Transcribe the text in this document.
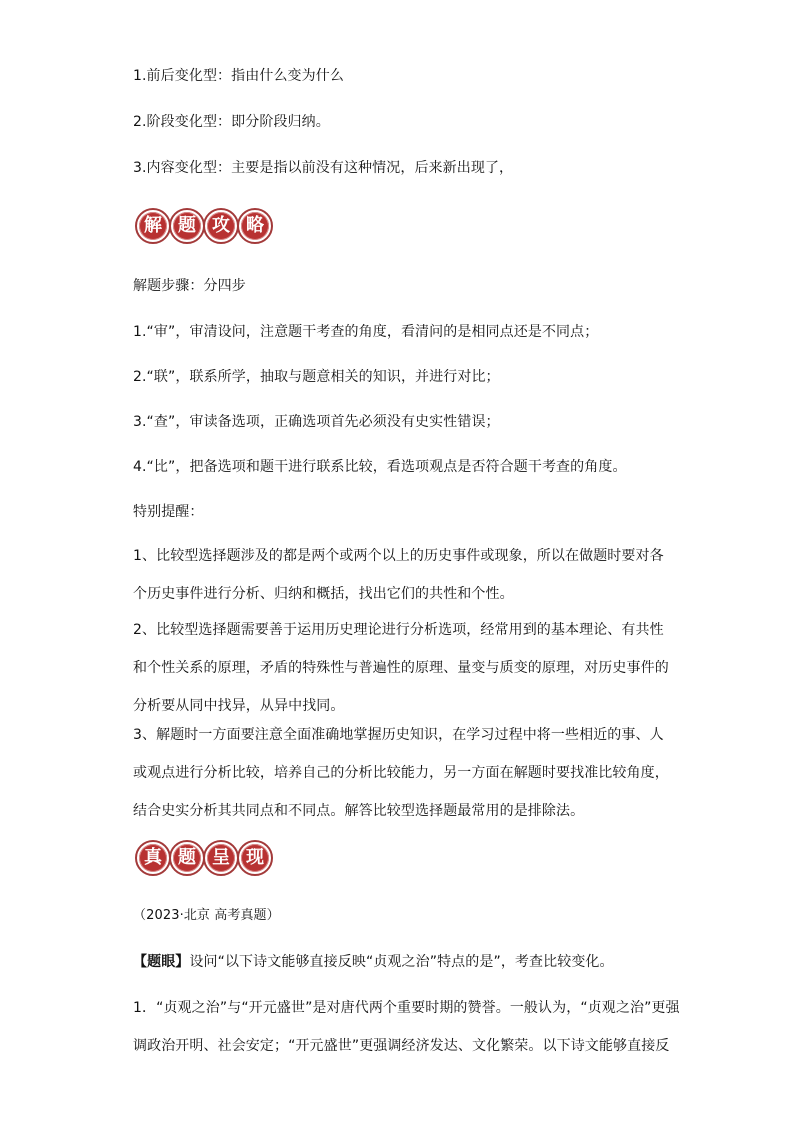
1.前后变化型：指由什么变为什么
2.阶段变化型：即分阶段归纳。
3.内容变化型：主要是指以前没有这种情况，后来新出现了，
解 题 攻 略
解题步骤：分四步
1.“审”，审清设问，注意题干考查的角度，看清问的是相同点还是不同点；
2.“联”，联系所学，抽取与题意相关的知识，并进行对比；
3.“查”，审读备选项，正确选项首先必须没有史实性错误；
4.“比”，把备选项和题干进行联系比较，看选项观点是否符合题干考查的角度。
特别提醒：
1、比较型选择题涉及的都是两个或两个以上的历史事件或现象，所以在做题时要对各
个历史事件进行分析、归纳和概括，找出它们的共性和个性。
2、比较型选择题需要善于运用历史理论进行分析选项，经常用到的基本理论、有共性
和个性关系的原理，矛盾的特殊性与普遍性的原理、量变与质变的原理，对历史事件的
分析要从同中找异，从异中找同。
3、解题时一方面要注意全面准确地掌握历史知识，在学习过程中将一些相近的事、人
或观点进行分析比较，培养自己的分析比较能力，另一方面在解题时要找准比较角度，
结合史实分析其共同点和不同点。解答比较型选择题最常用的是排除法。
真 题 呈 现
（2023·北京 高考真题）
【题眼】设问“以下诗文能够直接反映“贞观之治”特点的是”，考查比较变化。
1．“贞观之治”与“开元盛世”是对唐代两个重要时期的赞誉。一般认为，“贞观之治”更强
调政治开明、社会安定；“开元盛世”更强调经济发达、文化繁荣。以下诗文能够直接反
